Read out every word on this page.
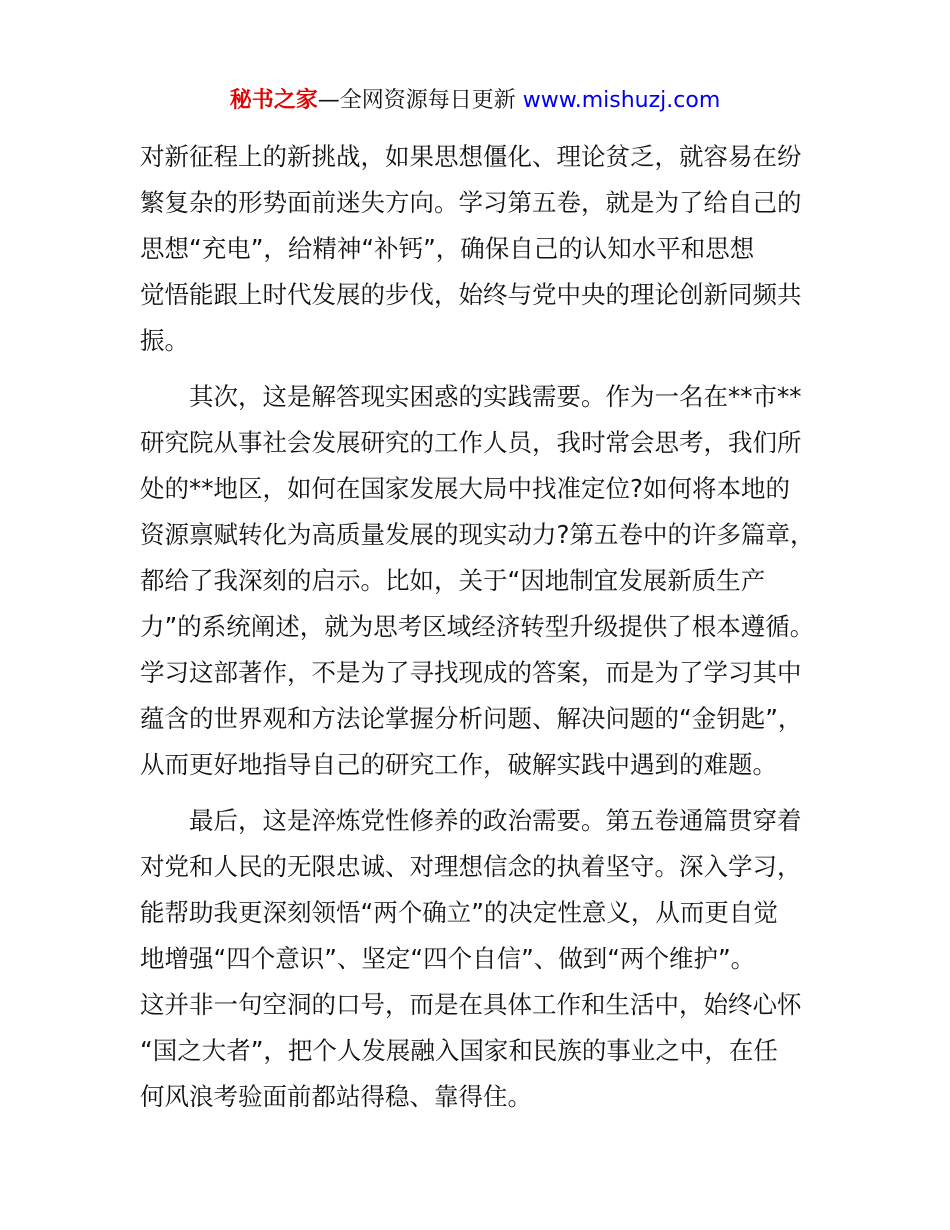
秘书之家—全网资源每日更新 www.mishuzj.com
对新征程上的新挑战，如果思想僵化、理论贫乏，就容易在纷
繁复杂的形势面前迷失方向。学习第五卷，就是为了给自己的
思想“充电”，给精神“补钙”，确保自己的认知水平和思想
觉悟能跟上时代发展的步伐，始终与党中央的理论创新同频共
振。
　　其次，这是解答现实困惑的实践需要。作为一名在**市**
研究院从事社会发展研究的工作人员，我时常会思考，我们所
处的**地区，如何在国家发展大局中找准定位?如何将本地的
资源禀赋转化为高质量发展的现实动力?第五卷中的许多篇章，
都给了我深刻的启示。比如，关于“因地制宜发展新质生产
力”的系统阐述，就为思考区域经济转型升级提供了根本遵循。
学习这部著作，不是为了寻找现成的答案，而是为了学习其中
蕴含的世界观和方法论掌握分析问题、解决问题的“金钥匙”，
从而更好地指导自己的研究工作，破解实践中遇到的难题。
　　最后，这是淬炼党性修养的政治需要。第五卷通篇贯穿着
对党和人民的无限忠诚、对理想信念的执着坚守。深入学习，
能帮助我更深刻领悟“两个确立”的决定性意义，从而更自觉
地增强“四个意识”、坚定“四个自信”、做到“两个维护”。
这并非一句空洞的口号，而是在具体工作和生活中，始终心怀
“国之大者”，把个人发展融入国家和民族的事业之中，在任
何风浪考验面前都站得稳、靠得住。
